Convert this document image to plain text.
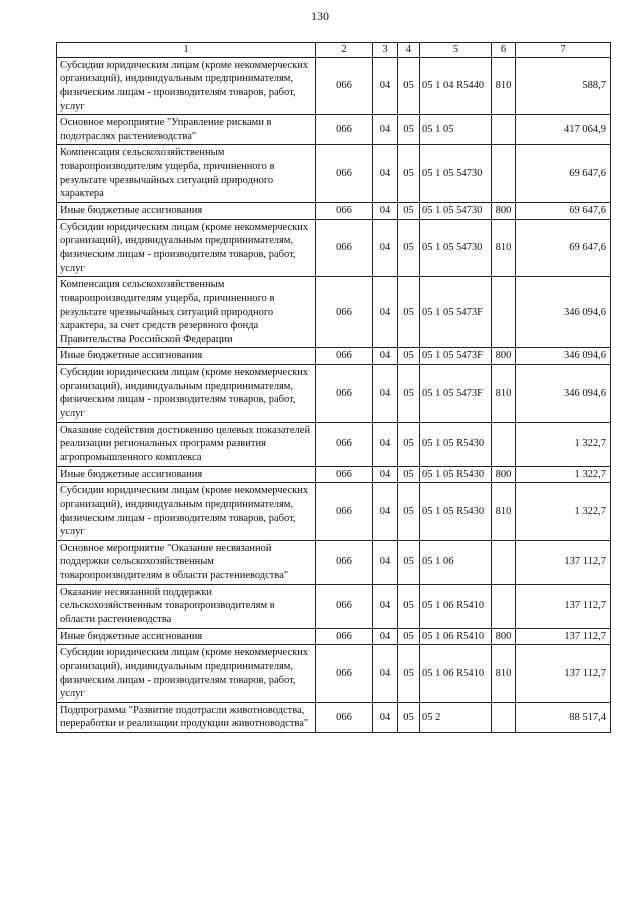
130
1	2	3	4	5	6	7
Субсидии юридическим лицам (кроме некоммерческих организаций), индивидуальным предпринимателям, физическим лицам - производителям товаров, работ, услуг	066	04	05	05 1 04 R5440	810	588,7
Основное мероприятие "Управление рисками в подотраслях растениеводства"	066	04	05	05 1 05		417 064,9
Компенсация сельскохозяйственным товаропроизводителям ущерба, причиненного в результате чрезвычайных ситуаций природного характера	066	04	05	05 1 05 54730		69 647,6
Иные бюджетные ассигнования	066	04	05	05 1 05 54730	800	69 647,6
Субсидии юридическим лицам (кроме некоммерческих организаций), индивидуальным предпринимателям, физическим лицам - производителям товаров, работ, услуг	066	04	05	05 1 05 54730	810	69 647,6
Компенсация сельскохозяйственным товаропроизводителям ущерба, причиненного в результате чрезвычайных ситуаций природного характера, за счет средств резервного фонда Правительства Российской Федерации	066	04	05	05 1 05 5473F		346 094,6
Иные бюджетные ассигнования	066	04	05	05 1 05 5473F	800	346 094,6
Субсидии юридическим лицам (кроме некоммерческих организаций), индивидуальным предпринимателям, физическим лицам - производителям товаров, работ, услуг	066	04	05	05 1 05 5473F	810	346 094,6
Оказание содействия достижению целевых показателей реализации региональных программ развития агропромышленного комплекса	066	04	05	05 1 05 R5430		1 322,7
Иные бюджетные ассигнования	066	04	05	05 1 05 R5430	800	1 322,7
Субсидии юридическим лицам (кроме некоммерческих организаций), индивидуальным предпринимателям, физическим лицам - производителям товаров, работ, услуг	066	04	05	05 1 05 R5430	810	1 322,7
Основное мероприятие "Оказание несвязанной поддержки сельскохозяйственным товаропроизводителям в области растениеводства"	066	04	05	05 1 06		137 112,7
Оказание несвязанной поддержки сельскохозяйственным товаропроизводителям в области растениеводства	066	04	05	05 1 06 R5410		137 112,7
Иные бюджетные ассигнования	066	04	05	05 1 06 R5410	800	137 112,7
Субсидии юридическим лицам (кроме некоммерческих организаций), индивидуальным предпринимателям, физическим лицам - производителям товаров, работ, услуг	066	04	05	05 1 06 R5410	810	137 112,7
Подпрограмма "Развитие подотрасли животноводства, переработки и реализации продукции животноводства"	066	04	05	05 2		88 517,4
